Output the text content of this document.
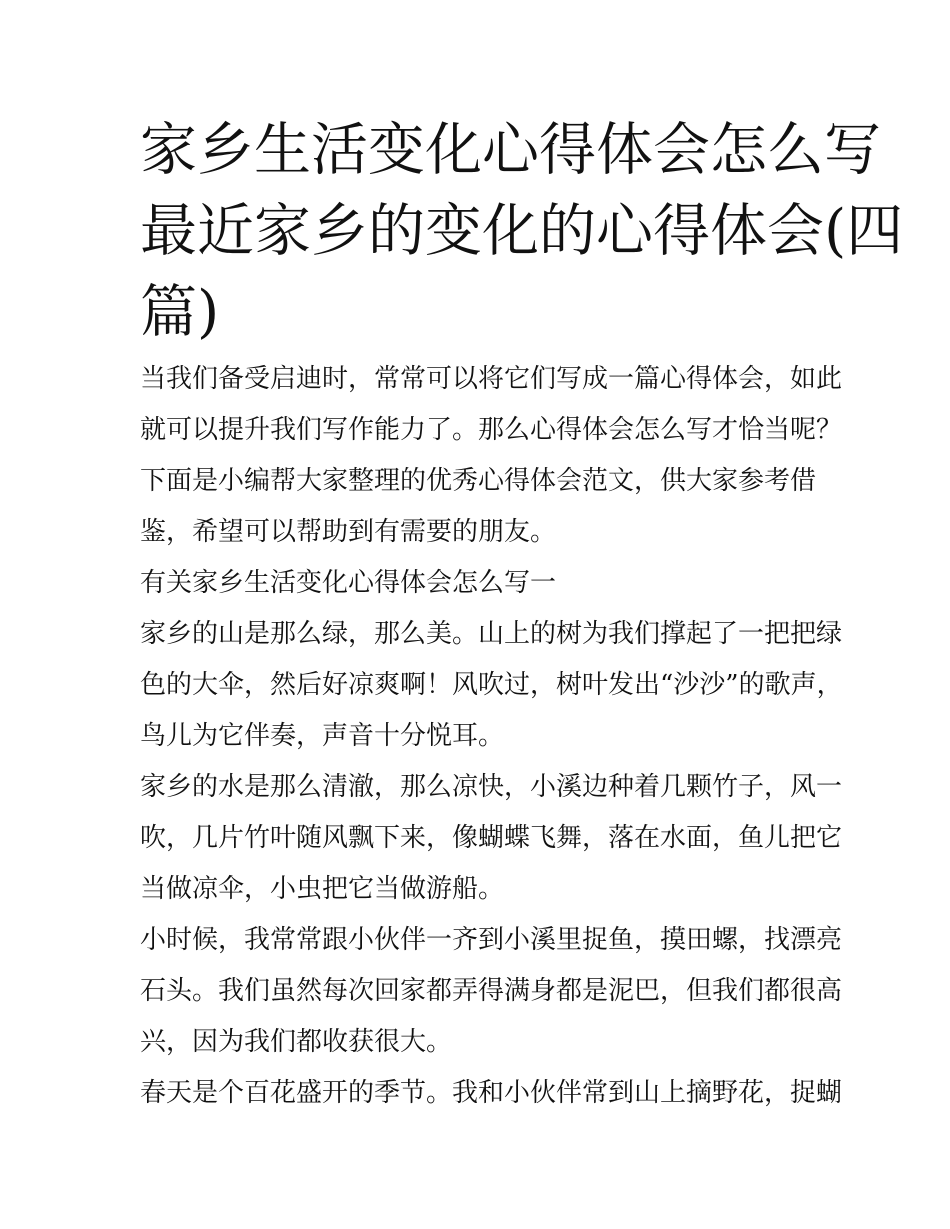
家乡生活变化心得体会怎么写
最近家乡的变化的心得体会(四
篇)
当我们备受启迪时，常常可以将它们写成一篇心得体会，如此
就可以提升我们写作能力了。那么心得体会怎么写才恰当呢？
下面是小编帮大家整理的优秀心得体会范文，供大家参考借
鉴，希望可以帮助到有需要的朋友。
有关家乡生活变化心得体会怎么写一
家乡的山是那么绿，那么美。山上的树为我们撑起了一把把绿
色的大伞，然后好凉爽啊！风吹过，树叶发出“沙沙”的歌声，
鸟儿为它伴奏，声音十分悦耳。
家乡的水是那么清澈，那么凉快，小溪边种着几颗竹子，风一
吹，几片竹叶随风飘下来，像蝴蝶飞舞，落在水面，鱼儿把它
当做凉伞，小虫把它当做游船。
小时候，我常常跟小伙伴一齐到小溪里捉鱼，摸田螺，找漂亮
石头。我们虽然每次回家都弄得满身都是泥巴，但我们都很高
兴，因为我们都收获很大。
春天是个百花盛开的季节。我和小伙伴常到山上摘野花，捉蝴
